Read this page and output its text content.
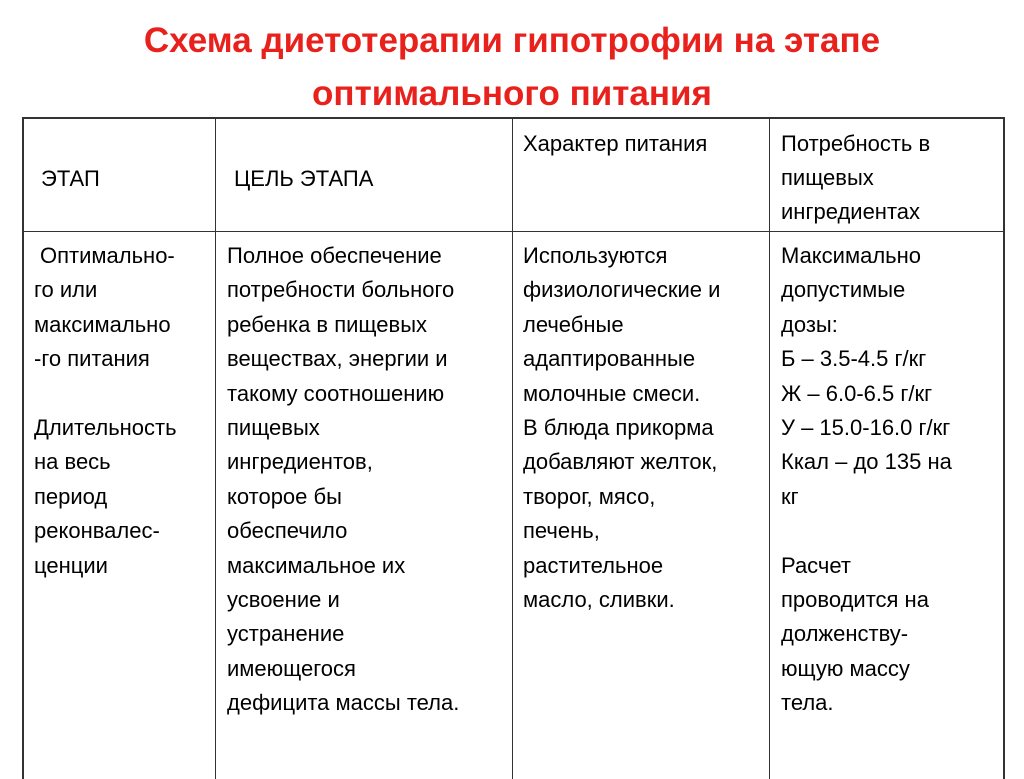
Схема диетотерапии гипотрофии на этапе
оптимального питания
ЭТАП	ЦЕЛЬ ЭТАПА
Характер питания	Потребность в
пищевых
ингредиентах
Оптимально-
го или
максимально
-го питания
Длительность
на весь
период
реконвалес-
ценции
Полное обеспечение
потребности больного
ребенка в пищевых
веществах, энергии и
такому соотношению
пищевых
ингредиентов,
которое бы
обеспечило
максимальное их
усвоение и
устранение
имеющегося
дефицита массы тела.
Используются
физиологические и
лечебные
адаптированные
молочные смеси.
В блюда прикорма
добавляют желток,
творог, мясо,
печень,
растительное
масло, сливки.
Максимально
допустимые
дозы:
Б – 3.5-4.5 г/кг
Ж – 6.0-6.5 г/кг
У – 15.0-16.0 г/кг
Ккал – до 135 на
кг
Расчет
проводится на
долженству-
ющую массу
тела.
